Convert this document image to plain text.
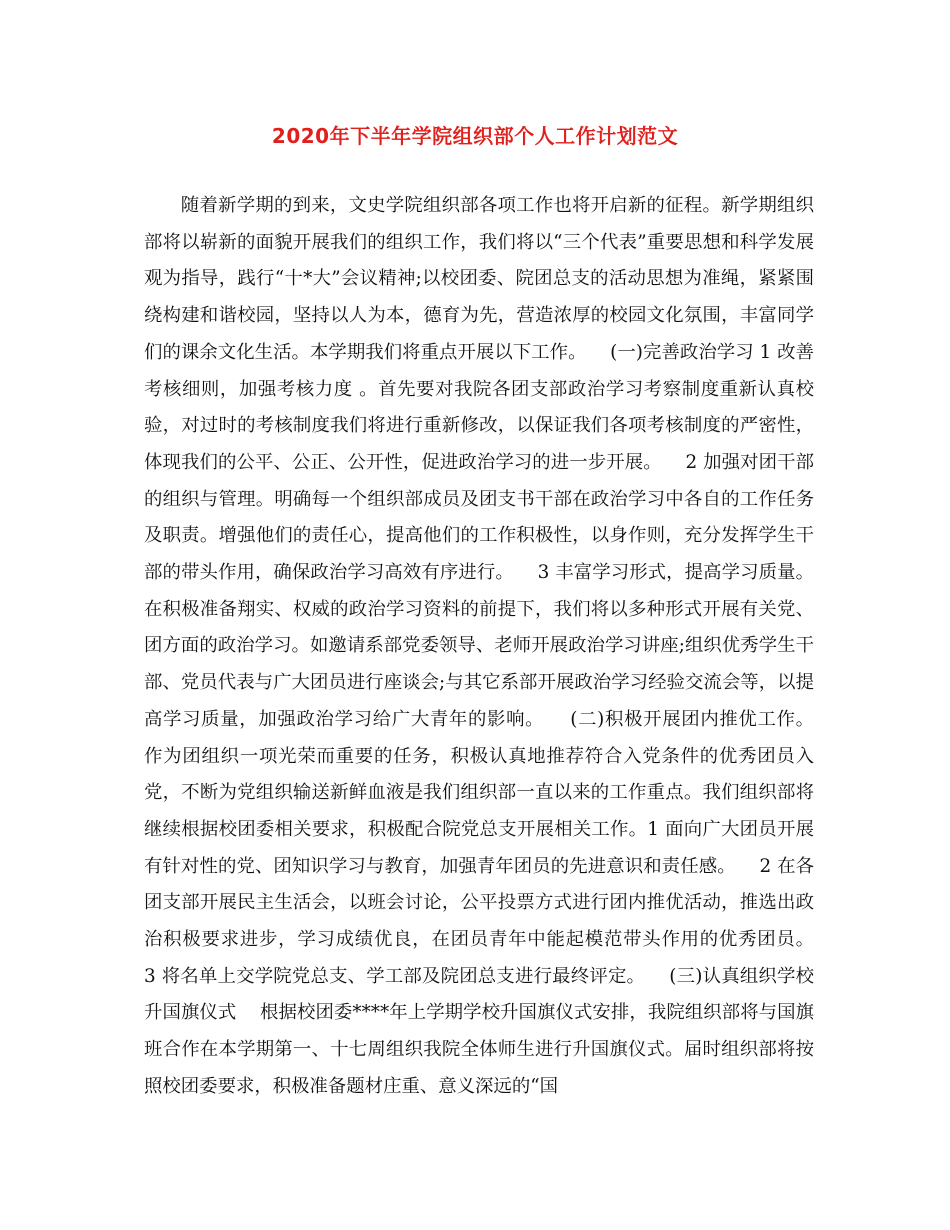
2020年下半年学院组织部个人工作计划范文

随着新学期的到来，文史学院组织部各项工作也将开启新的征程。新学期组织部将以崭新的面貌开展我们的组织工作，我们将以“三个代表”重要思想和科学发展观为指导，践行“十*大”会议精神;以校团委、院团总支的活动思想为准绳，紧紧围绕构建和谐校园，坚持以人为本，德育为先，营造浓厚的校园文化氛围，丰富同学们的课余文化生活。本学期我们将重点开展以下工作。    (一)完善政治学习 1 改善考核细则，加强考核力度 。首先要对我院各团支部政治学习考察制度重新认真校验，对过时的考核制度我们将进行重新修改，以保证我们各项考核制度的严密性，体现我们的公平、公正、公开性，促进政治学习的进一步开展。    2 加强对团干部的组织与管理。明确每一个组织部成员及团支书干部在政治学习中各自的工作任务及职责。增强他们的责任心，提高他们的工作积极性，以身作则，充分发挥学生干部的带头作用，确保政治学习高效有序进行。    3 丰富学习形式，提高学习质量。在积极准备翔实、权威的政治学习资料的前提下，我们将以多种形式开展有关党、团方面的政治学习。如邀请系部党委领导、老师开展政治学习讲座;组织优秀学生干部、党员代表与广大团员进行座谈会;与其它系部开展政治学习经验交流会等，以提高学习质量，加强政治学习给广大青年的影响。    (二)积极开展团内推优工作。    作为团组织一项光荣而重要的任务，积极认真地推荐符合入党条件的优秀团员入党，不断为党组织输送新鲜血液是我们组织部一直以来的工作重点。我们组织部将继续根据校团委相关要求，积极配合院党总支开展相关工作。1 面向广大团员开展有针对性的党、团知识学习与教育，加强青年团员的先进意识和责任感。    2 在各团支部开展民主生活会，以班会讨论，公平投票方式进行团内推优活动，推选出政治积极要求进步，学习成绩优良，在团员青年中能起模范带头作用的优秀团员。    3 将名单上交学院党总支、学工部及院团总支进行最终评定。    (三)认真组织学校升国旗仪式    根据校团委****年上学期学校升国旗仪式安排，我院组织部将与国旗班合作在本学期第一、十七周组织我院全体师生进行升国旗仪式。届时组织部将按照校团委要求，积极准备题材庄重、意义深远的“国
